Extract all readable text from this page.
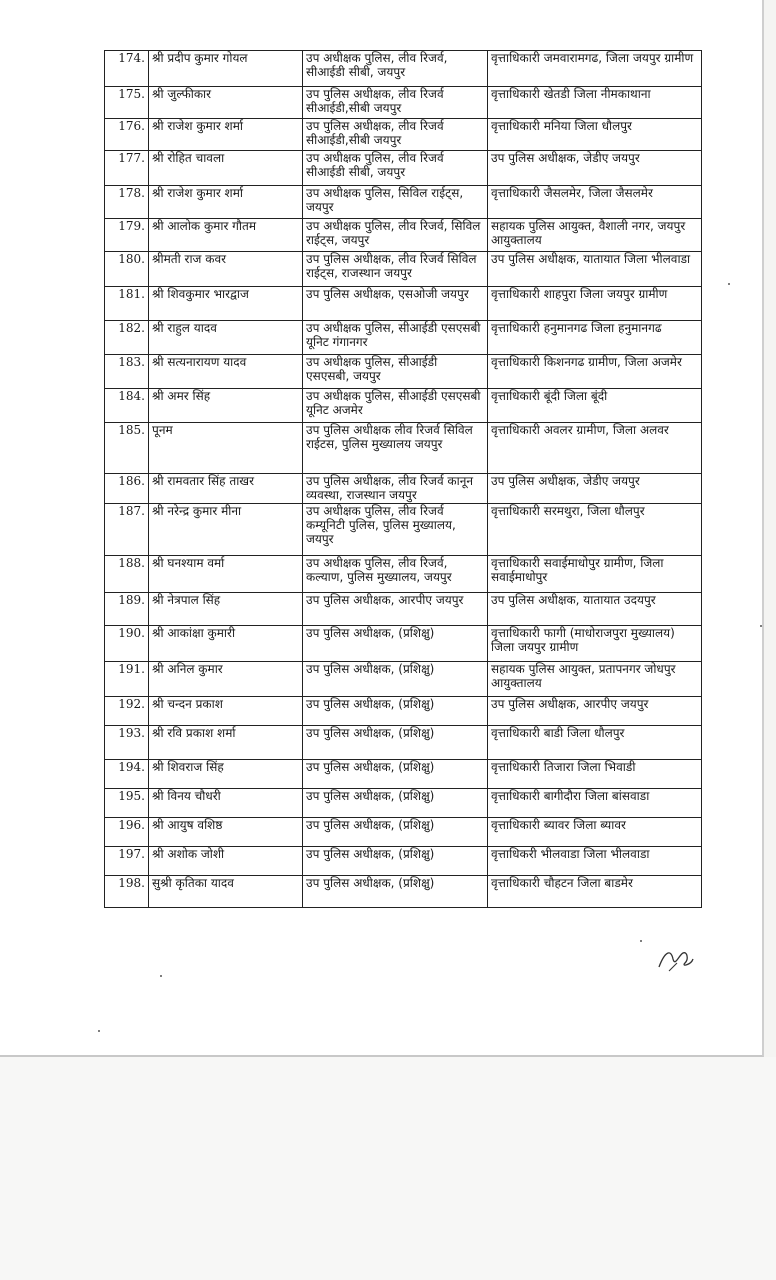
174.	श्री प्रदीप कुमार गोयल	उप अधीक्षक पुलिस, लीव रिजर्व, सीआईडी सीबी, जयपुर	वृत्ताधिकारी जमवारामगढ, जिला जयपुर ग्रामीण
175.	श्री जुल्फीकार	उप पुलिस अधीक्षक, लीव रिजर्व सीआईडी,सीबी जयपुर	वृत्ताधिकारी खेतडी जिला नीमकाथाना
176.	श्री राजेश कुमार शर्मा	उप पुलिस अधीक्षक, लीव रिजर्व सीआईडी,सीबी जयपुर	वृत्ताधिकारी मनिया जिला धौलपुर
177.	श्री रोहित चावला	उप अधीक्षक पुलिस, लीव रिजर्व सीआईडी सीबी, जयपुर	उप पुलिस अधीक्षक, जेडीए जयपुर
178.	श्री राजेश कुमार शर्मा	उप अधीक्षक पुलिस, सिविल राईट्स, जयपुर	वृत्ताधिकारी जैसलमेर, जिला जैसलमेर
179.	श्री आलोक कुमार गौतम	उप अधीक्षक पुलिस, लीव रिजर्व, सिविल राईट्स, जयपुर	सहायक पुलिस आयुक्त, वैशाली नगर, जयपुर आयुक्तालय
180.	श्रीमती राज कवर	उप पुलिस अधीक्षक, लीव रिजर्व सिविल राईट्स, राजस्थान जयपुर	उप पुलिस अधीक्षक, यातायात जिला भीलवाडा
181.	श्री शिवकुमार भारद्वाज	उप पुलिस अधीक्षक, एसओजी जयपुर	वृत्ताधिकारी शाहपुरा जिला जयपुर ग्रामीण
182.	श्री राहुल यादव	उप अधीक्षक पुलिस, सीआईडी एसएसबी यूनिट गंगानगर	वृत्ताधिकारी हनुमानगढ जिला हनुमानगढ
183.	श्री सत्यनारायण यादव	उप अधीक्षक पुलिस, सीआईडी एसएसबी, जयपुर	वृत्ताधिकारी किशनगढ ग्रामीण, जिला अजमेर
184.	श्री अमर सिंह	उप अधीक्षक पुलिस, सीआईडी एसएसबी यूनिट अजमेर	वृत्ताधिकारी बूंदी जिला बूंदी
185.	पूनम	उप पुलिस अधीक्षक लीव रिजर्व सिविल राईटस, पुलिस मुख्यालय जयपुर	वृत्ताधिकारी अवलर ग्रामीण, जिला अलवर
186.	श्री रामवतार सिंह ताखर	उप पुलिस अधीक्षक, लीव रिजर्व कानून व्यवस्था, राजस्थान जयपुर	उप पुलिस अधीक्षक, जेडीए जयपुर
187.	श्री नरेन्द्र कुमार मीना	उप अधीक्षक पुलिस, लीव रिजर्व कम्यूनिटी पुलिस, पुलिस मुख्यालय, जयपुर	वृत्ताधिकारी सरमथुरा, जिला धौलपुर
188.	श्री घनश्याम वर्मा	उप अधीक्षक पुलिस, लीव रिजर्व, कल्याण, पुलिस मुख्यालय, जयपुर	वृत्ताधिकारी सवाईमाधोपुर ग्रामीण, जिला सवाईमाधोपुर
189.	श्री नेत्रपाल सिंह	उप पुलिस अधीक्षक, आरपीए जयपुर	उप पुलिस अधीक्षक, यातायात उदयपुर
190.	श्री आकांक्षा कुमारी	उप पुलिस अधीक्षक, (प्रशिक्षु)	वृत्ताधिकारी फागी (माधोराजपुरा मुख्यालय) जिला जयपुर ग्रामीण
191.	श्री अनिल कुमार	उप पुलिस अधीक्षक, (प्रशिक्षु)	सहायक पुलिस आयुक्त, प्रतापनगर जोधपुर आयुक्तालय
192.	श्री चन्दन प्रकाश	उप पुलिस अधीक्षक, (प्रशिक्षु)	उप पुलिस अधीक्षक, आरपीए जयपुर
193.	श्री रवि प्रकाश शर्मा	उप पुलिस अधीक्षक, (प्रशिक्षु)	वृत्ताधिकारी बाडी जिला धौलपुर
194.	श्री शिवराज सिंह	उप पुलिस अधीक्षक, (प्रशिक्षु)	वृत्ताधिकारी तिजारा जिला भिवाडी
195.	श्री विनय चौधरी	उप पुलिस अधीक्षक, (प्रशिक्षु)	वृत्ताधिकारी बागीदौरा जिला बांसवाडा
196.	श्री आयुष वशिष्ठ	उप पुलिस अधीक्षक, (प्रशिक्षु)	वृत्ताधिकारी ब्यावर जिला ब्यावर
197.	श्री अशोक जोशी	उप पुलिस अधीक्षक, (प्रशिक्षु)	वृत्ताधिकरी भीलवाडा जिला भीलवाडा
198.	सुश्री कृतिका यादव	उप पुलिस अधीक्षक, (प्रशिक्षु)	वृत्ताधिकारी चौहटन जिला बाडमेर
